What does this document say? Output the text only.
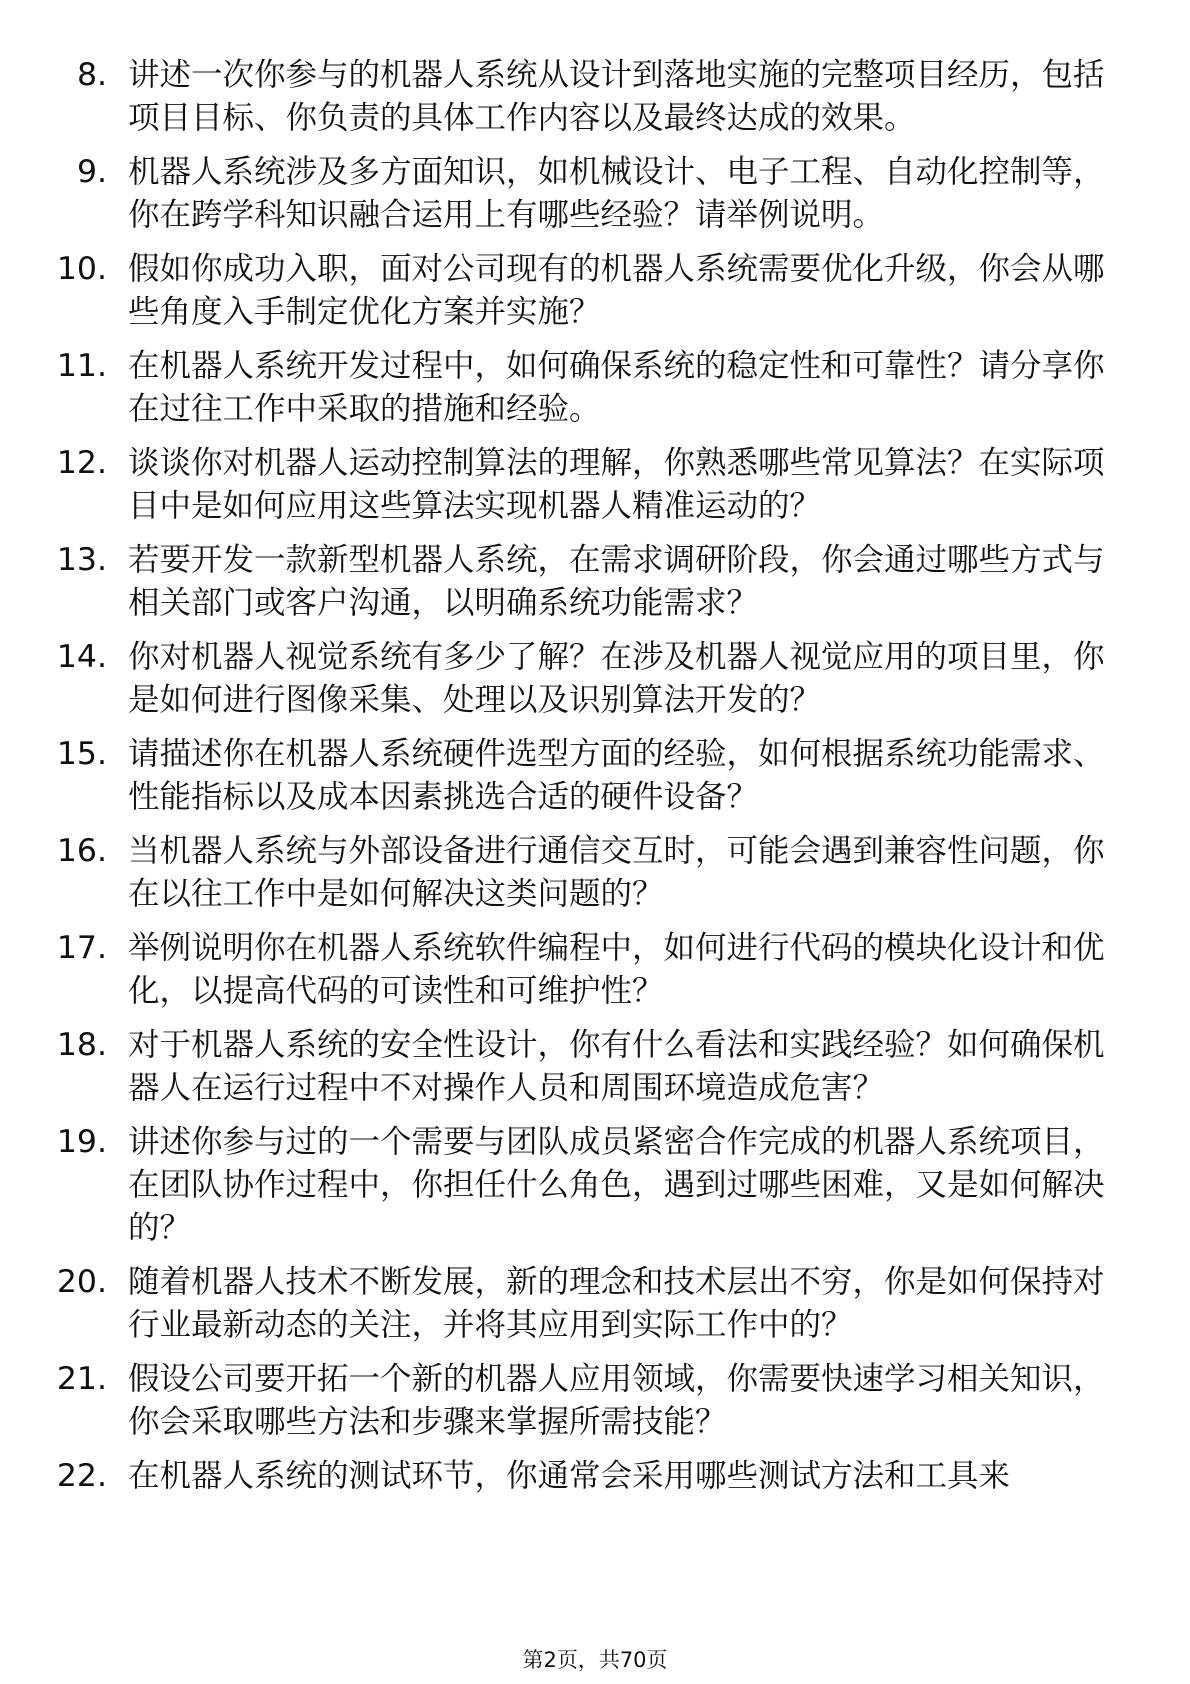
8. 讲述一次你参与的机器人系统从设计到落地实施的完整项目经历，包括项目目标、你负责的具体工作内容以及最终达成的效果。
9. 机器人系统涉及多方面知识，如机械设计、电子工程、自动化控制等，你在跨学科知识融合运用上有哪些经验？请举例说明。
10. 假如你成功入职，面对公司现有的机器人系统需要优化升级，你会从哪些角度入手制定优化方案并实施？
11. 在机器人系统开发过程中，如何确保系统的稳定性和可靠性？请分享你在过往工作中采取的措施和经验。
12. 谈谈你对机器人运动控制算法的理解，你熟悉哪些常见算法？在实际项目中是如何应用这些算法实现机器人精准运动的？
13. 若要开发一款新型机器人系统，在需求调研阶段，你会通过哪些方式与相关部门或客户沟通，以明确系统功能需求？
14. 你对机器人视觉系统有多少了解？在涉及机器人视觉应用的项目里，你是如何进行图像采集、处理以及识别算法开发的？
15. 请描述你在机器人系统硬件选型方面的经验，如何根据系统功能需求、性能指标以及成本因素挑选合适的硬件设备？
16. 当机器人系统与外部设备进行通信交互时，可能会遇到兼容性问题，你在以往工作中是如何解决这类问题的？
17. 举例说明你在机器人系统软件编程中，如何进行代码的模块化设计和优化，以提高代码的可读性和可维护性？
18. 对于机器人系统的安全性设计，你有什么看法和实践经验？如何确保机器人在运行过程中不对操作人员和周围环境造成危害？
19. 讲述你参与过的一个需要与团队成员紧密合作完成的机器人系统项目，在团队协作过程中，你担任什么角色，遇到过哪些困难，又是如何解决的？
20. 随着机器人技术不断发展，新的理念和技术层出不穷，你是如何保持对行业最新动态的关注，并将其应用到实际工作中的？
21. 假设公司要开拓一个新的机器人应用领域，你需要快速学习相关知识，你会采取哪些方法和步骤来掌握所需技能？
22. 在机器人系统的测试环节，你通常会采用哪些测试方法和工具来
第2页，共70页
